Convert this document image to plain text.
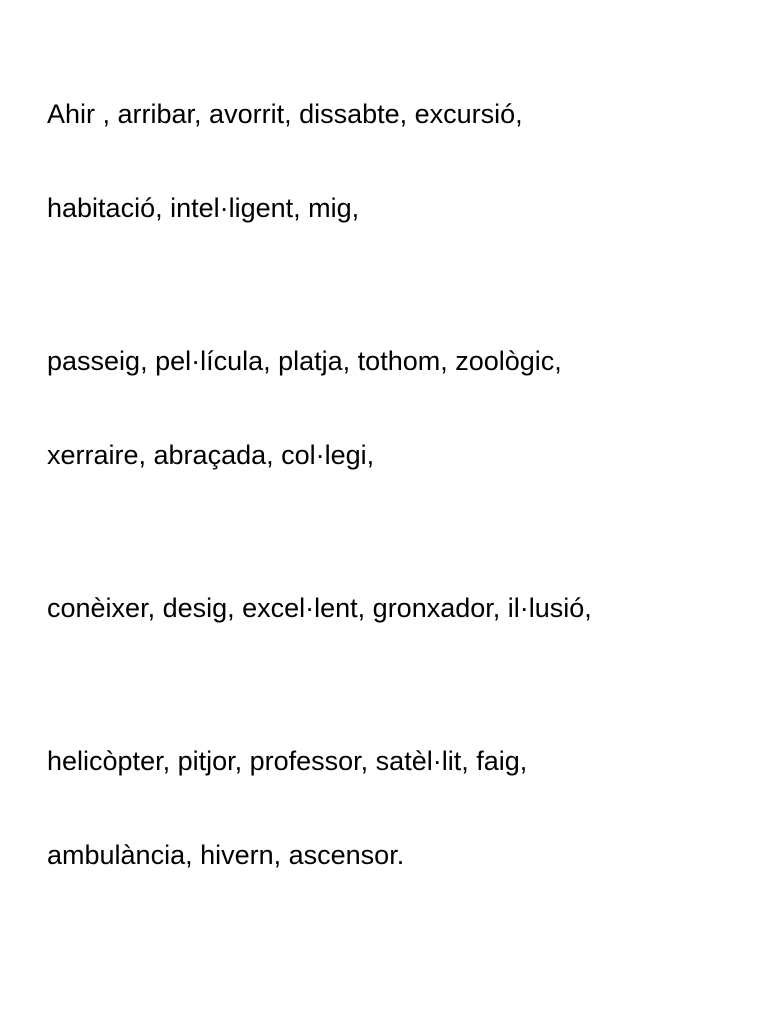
Ahir , arribar, avorrit, dissabte, excursió,

habitació, intel·ligent, mig,

passeig, pel·lícula, platja, tothom, zoològic,

xerraire, abraçada, col·legi,

conèixer, desig, excel·lent, gronxador, il·lusió,

helicòpter, pitjor, professor, satèl·lit, faig,

ambulància, hivern, ascensor.
